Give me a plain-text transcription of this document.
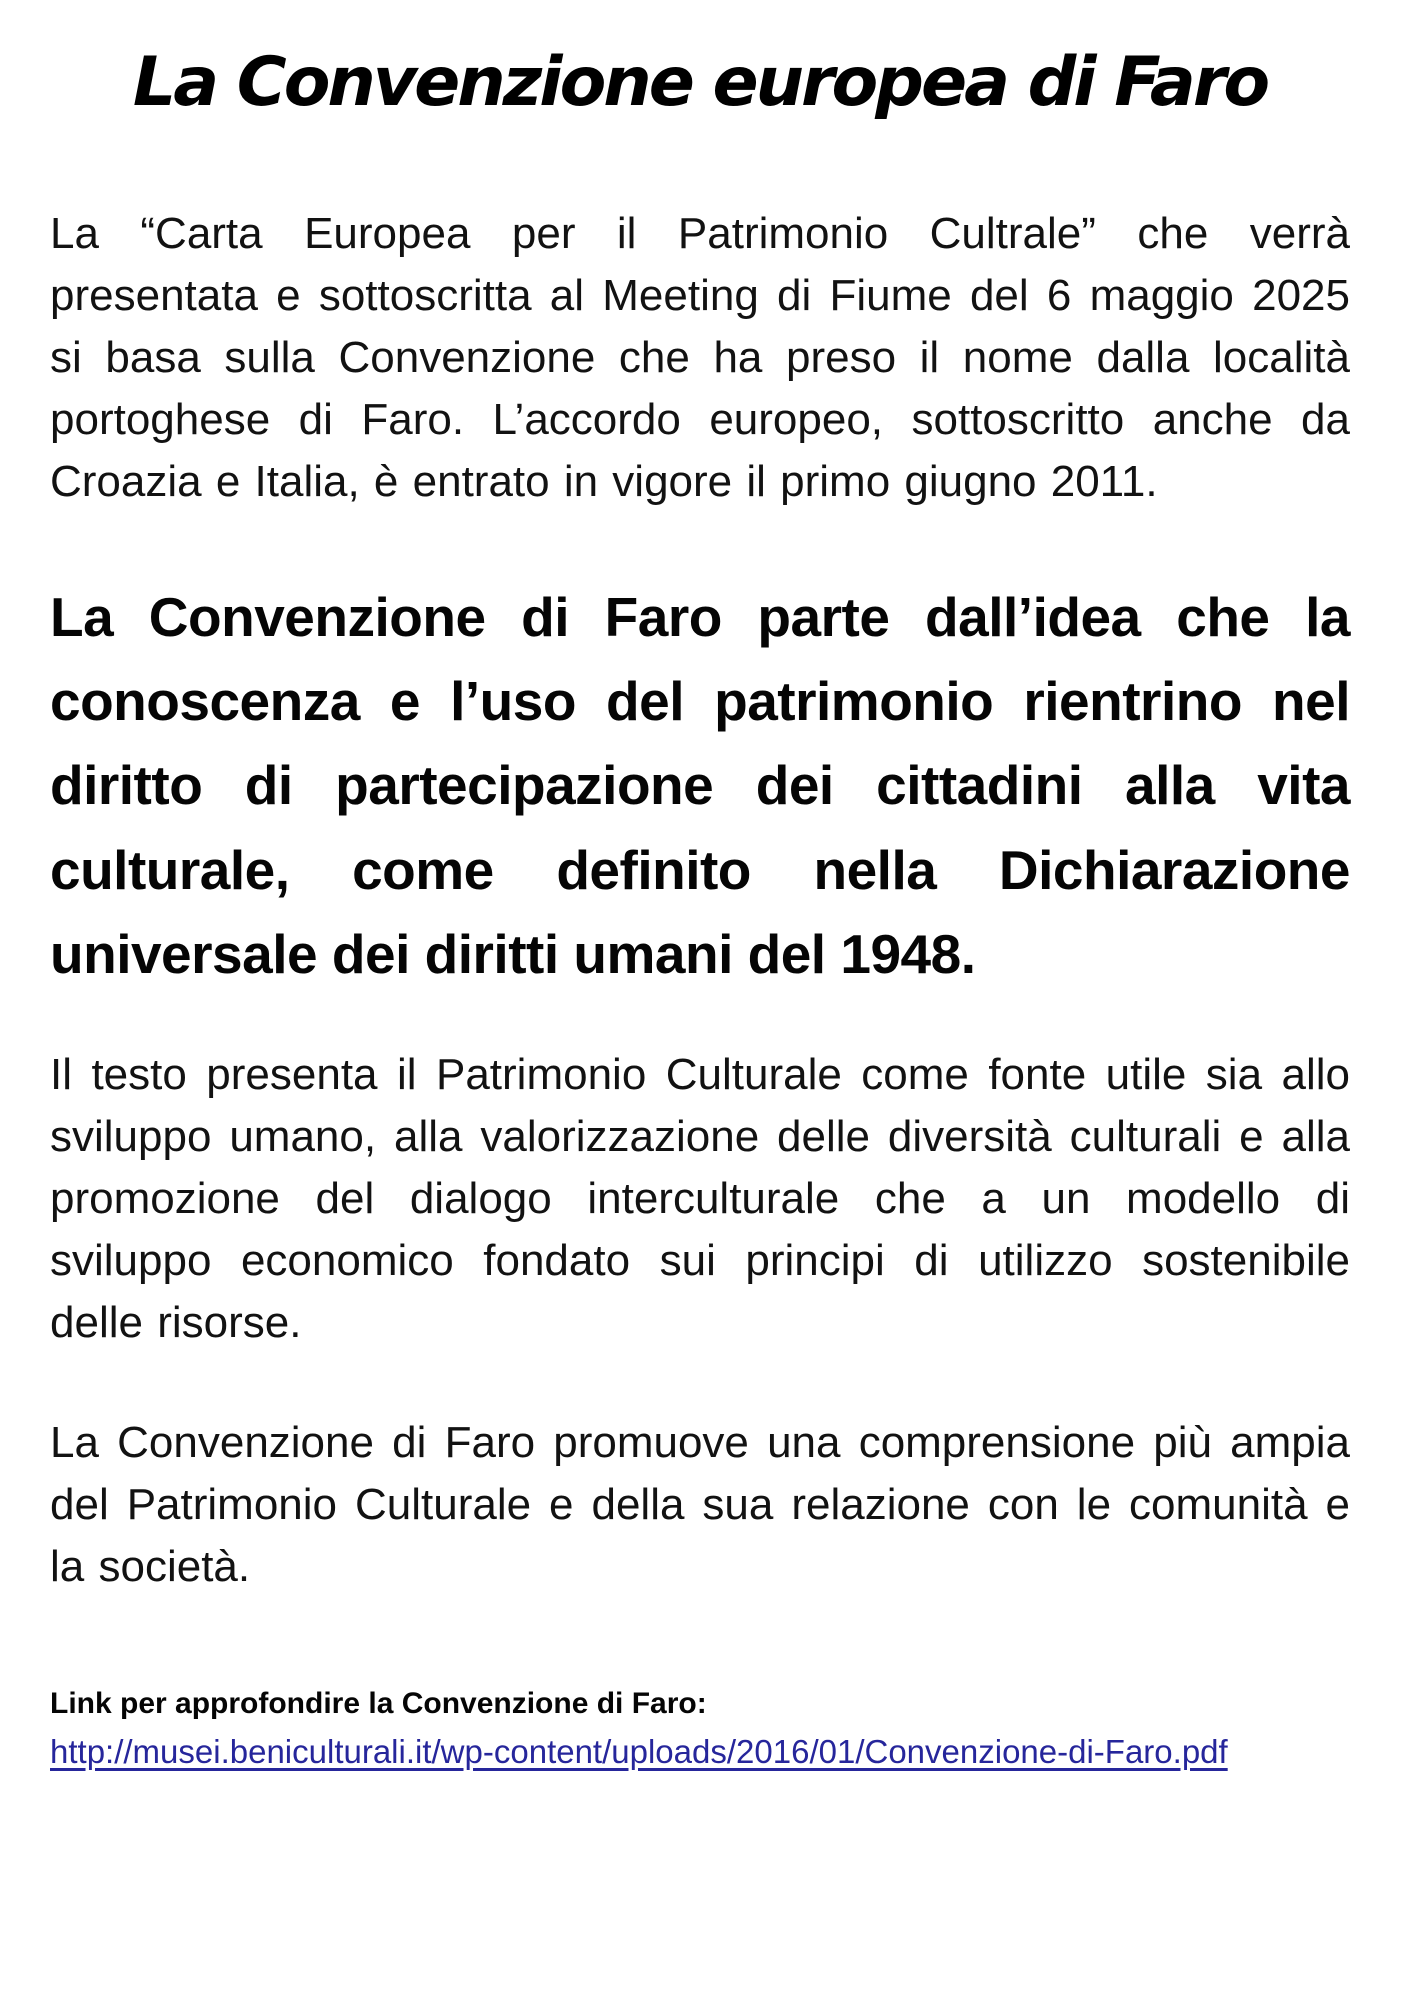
La Convenzione europea di Faro

La “Carta Europea per il Patrimonio Cultrale” che verrà presentata e sottoscritta al Meeting di Fiume del 6 maggio 2025 si basa sulla Convenzione che ha preso il nome dalla località portoghese di Faro. L’accordo europeo, sottoscritto anche da Croazia e Italia, è entrato in vigore il primo giugno 2011.

La Convenzione di Faro parte dall’idea che la conoscenza e l’uso del patrimonio rientrino nel diritto di partecipazione dei cittadini alla vita culturale, come definito nella Dichiarazione universale dei diritti umani del 1948.

Il testo presenta il Patrimonio Culturale come fonte utile sia allo sviluppo umano, alla valorizzazione delle diversità culturali e alla promozione del dialogo interculturale che a un modello di sviluppo economico fondato sui principi di utilizzo sostenibile delle risorse.

La Convenzione di Faro promuove una comprensione più ampia del Patrimonio Culturale e della sua relazione con le comunità e la società.

Link per approfondire la Convenzione di Faro:

http://musei.beniculturali.it/wp-content/uploads/2016/01/Convenzione-di-Faro.pdf
